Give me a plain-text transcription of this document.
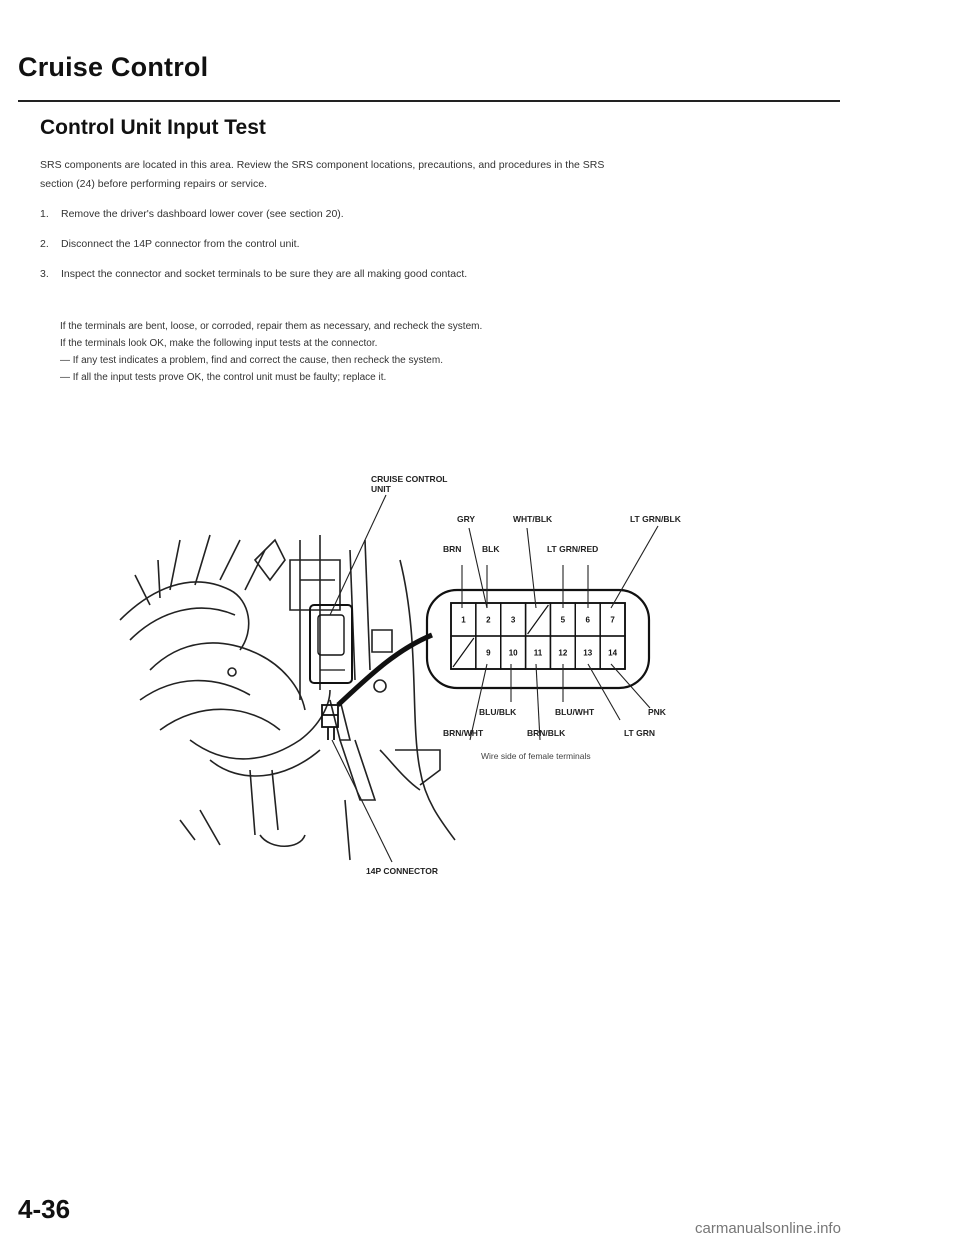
Cruise Control
Control Unit Input Test
SRS components are located in this area. Review the SRS component locations, precautions, and procedures in the SRS
section (24) before performing repairs or service.
1. Remove the driver's dashboard lower cover (see section 20).
2. Disconnect the 14P connector from the control unit.
3. Inspect the connector and socket terminals to be sure they are all making good contact.
If the terminals are bent, loose, or corroded, repair them as necessary, and recheck the system.
If the terminals look OK, make the following input tests at the connector.
— If any test indicates a problem, find and correct the cause, then recheck the system.
— If all the input tests prove OK, the control unit must be faulty; replace it.
CRUISE CONTROL
UNIT
14P CONNECTOR
1	2	3	5	6	7
9 10 11 12 13 14
GRY	WHT/BLK	LT GRN/BLK
BRN BLK	LT GRN/RED
BLU/BLK	BLU/WHT	PNK
BRN/WHT	BRN/BLK	LT GRN
Wire side of female terminals
4-36
carmanualsonline.info
